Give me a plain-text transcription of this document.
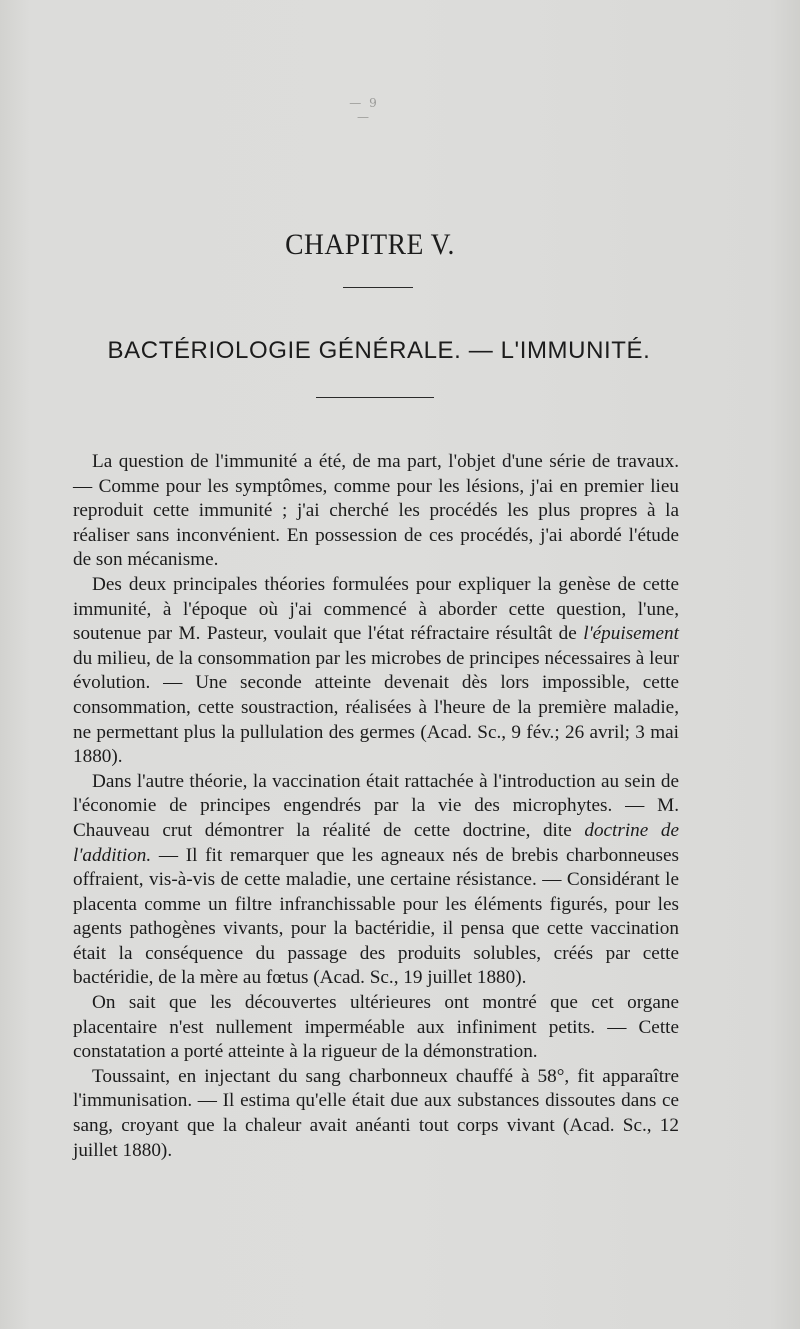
— 9 —
CHAPITRE V.
BACTÉRIOLOGIE GÉNÉRALE. — L'IMMUNITÉ.

La question de l'immunité a été, de ma part, l'objet d'une série de travaux. — Comme pour les symptômes, comme pour les lésions, j'ai en premier lieu reproduit cette immunité ; j'ai cherché les procédés les plus propres à la réaliser sans inconvénient. En possession de ces procédés, j'ai abordé l'étude de son mécanisme.

Des deux principales théories formulées pour expliquer la genèse de cette immunité, à l'époque où j'ai commencé à aborder cette question, l'une, soutenue par M. Pasteur, voulait que l'état réfractaire résultât de l'épuisement du milieu, de la consommation par les microbes de principes nécessaires à leur évolution. — Une seconde atteinte devenait dès lors impossible, cette consommation, cette soustraction, réalisées à l'heure de la première maladie, ne permettant plus la pullulation des germes (Acad. Sc., 9 fév.; 26 avril; 3 mai 1880).

Dans l'autre théorie, la vaccination était rattachée à l'introduction au sein de l'économie de principes engendrés par la vie des microphytes. — M. Chauveau crut démontrer la réalité de cette doctrine, dite doctrine de l'addition. — Il fit remarquer que les agneaux nés de brebis charbonneuses offraient, vis-à-vis de cette maladie, une certaine résistance. — Considérant le placenta comme un filtre infranchissable pour les éléments figurés, pour les agents pathogènes vivants, pour la bactéridie, il pensa que cette vaccination était la conséquence du passage des produits solubles, créés par cette bactéridie, de la mère au fœtus (Acad. Sc., 19 juillet 1880).

On sait que les découvertes ultérieures ont montré que cet organe placentaire n'est nullement imperméable aux infiniment petits. — Cette constatation a porté atteinte à la rigueur de la démonstration.

Toussaint, en injectant du sang charbonneux chauffé à 58°, fit apparaître l'immunisation. — Il estima qu'elle était due aux substances dissoutes dans ce sang, croyant que la chaleur avait anéanti tout corps vivant (Acad. Sc., 12 juillet 1880).
